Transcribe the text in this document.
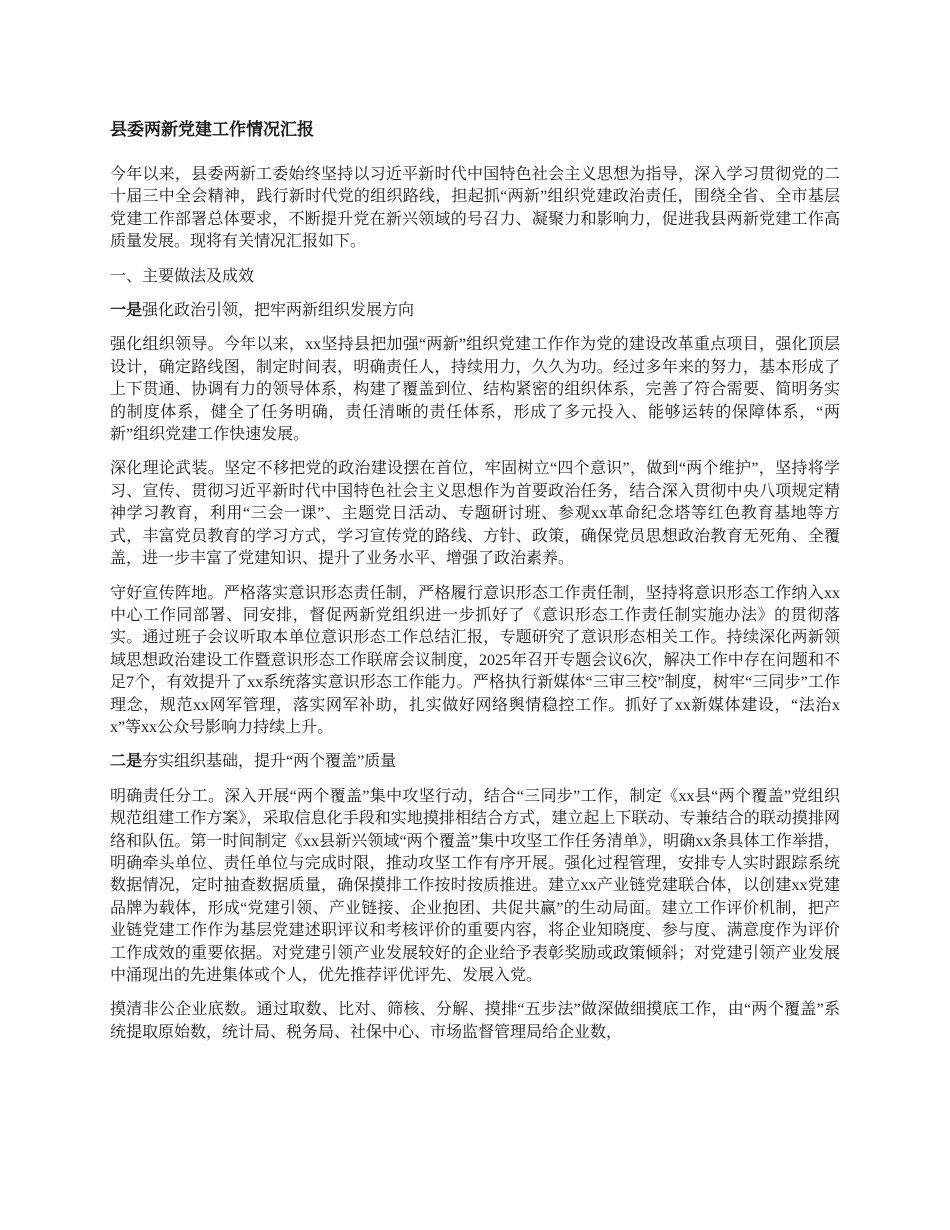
县委两新党建工作情况汇报

今年以来，县委两新工委始终坚持以习近平新时代中国特色社会主义思想为指导，深入学习贯彻党的二十届三中全会精神，践行新时代党的组织路线，担起抓“两新”组织党建政治责任，围绕全省、全市基层党建工作部署总体要求，不断提升党在新兴领域的号召力、凝聚力和影响力，促进我县两新党建工作高质量发展。现将有关情况汇报如下。

一、主要做法及成效

一是强化政治引领，把牢两新组织发展方向

强化组织领导。今年以来，xx坚持县把加强“两新”组织党建工作作为党的建设改革重点项目，强化顶层设计，确定路线图，制定时间表，明确责任人，持续用力，久久为功。经过多年来的努力，基本形成了上下贯通、协调有力的领导体系，构建了覆盖到位、结构紧密的组织体系，完善了符合需要、简明务实的制度体系，健全了任务明确，责任清晰的责任体系，形成了多元投入、能够运转的保障体系，“两新”组织党建工作快速发展。

深化理论武装。坚定不移把党的政治建设摆在首位，牢固树立“四个意识”，做到“两个维护”，坚持将学习、宣传、贯彻习近平新时代中国特色社会主义思想作为首要政治任务，结合深入贯彻中央八项规定精神学习教育，利用“三会一课”、主题党日活动、专题研讨班、参观xx革命纪念塔等红色教育基地等方式，丰富党员教育的学习方式，学习宣传党的路线、方针、政策，确保党员思想政治教育无死角、全覆盖，进一步丰富了党建知识、提升了业务水平、增强了政治素养。

守好宣传阵地。严格落实意识形态责任制，严格履行意识形态工作责任制，坚持将意识形态工作纳入xx中心工作同部署、同安排，督促两新党组织进一步抓好了《意识形态工作责任制实施办法》的贯彻落实。通过班子会议听取本单位意识形态工作总结汇报，专题研究了意识形态相关工作。持续深化两新领域思想政治建设工作暨意识形态工作联席会议制度，2025年召开专题会议6次，解决工作中存在问题和不足7个，有效提升了xx系统落实意识形态工作能力。严格执行新媒体“三审三校”制度，树牢“三同步”工作理念，规范xx网军管理，落实网军补助，扎实做好网络舆情稳控工作。抓好了xx新媒体建设，“法治xx”等xx公众号影响力持续上升。

二是夯实组织基础，提升“两个覆盖”质量

明确责任分工。深入开展“两个覆盖”集中攻坚行动，结合“三同步”工作，制定《xx县“两个覆盖”党组织规范组建工作方案》，采取信息化手段和实地摸排相结合方式，建立起上下联动、专兼结合的联动摸排网络和队伍。第一时间制定《xx县新兴领域“两个覆盖”集中攻坚工作任务清单》，明确xx条具体工作举措，明确牵头单位、责任单位与完成时限，推动攻坚工作有序开展。强化过程管理，安排专人实时跟踪系统数据情况，定时抽查数据质量，确保摸排工作按时按质推进。建立xx产业链党建联合体，以创建xx党建品牌为载体，形成“党建引领、产业链接、企业抱团、共促共赢”的生动局面。建立工作评价机制，把产业链党建工作作为基层党建述职评议和考核评价的重要内容，将企业知晓度、参与度、满意度作为评价工作成效的重要依据。对党建引领产业发展较好的企业给予表彰奖励或政策倾斜；对党建引领产业发展中涌现出的先进集体或个人，优先推荐评优评先、发展入党。

摸清非公企业底数。通过取数、比对、筛核、分解、摸排“五步法”做深做细摸底工作，由“两个覆盖”系统提取原始数，统计局、税务局、社保中心、市场监督管理局给企业数，
